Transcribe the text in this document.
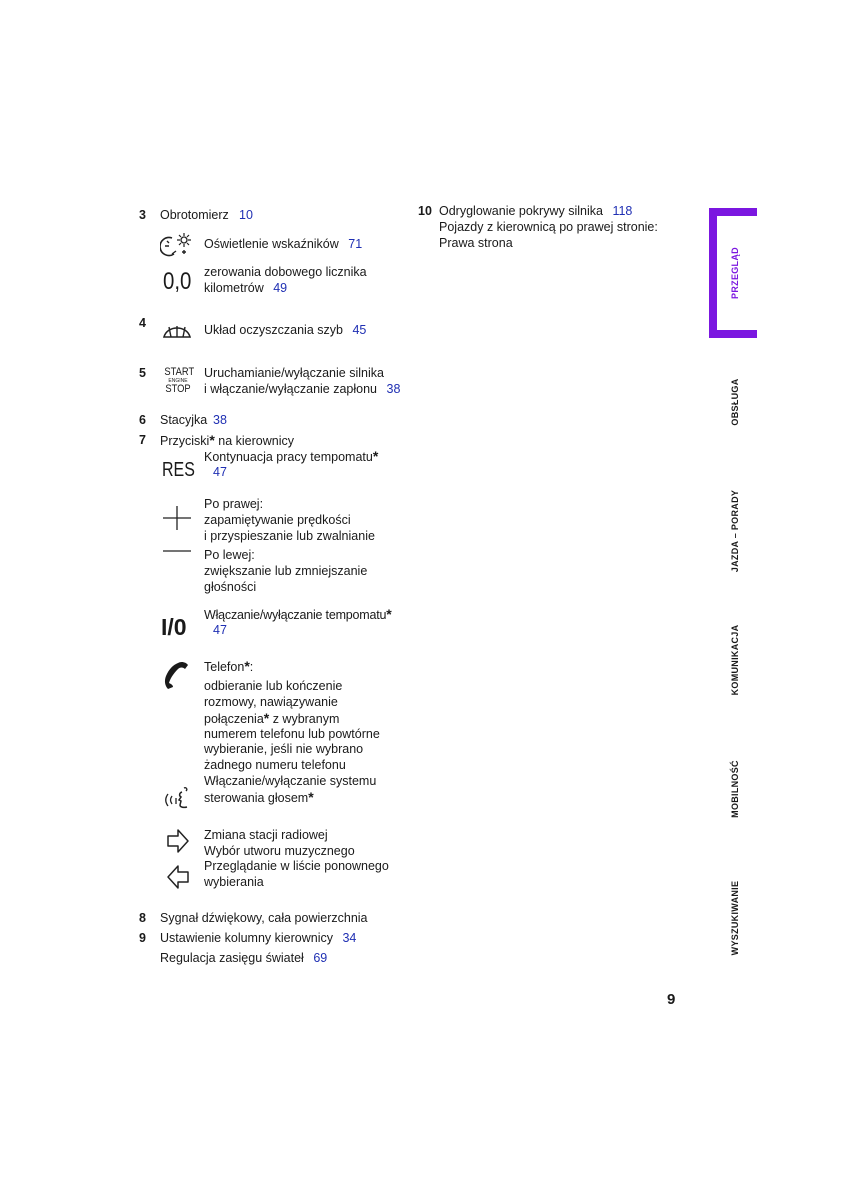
3 Obrotomierz 10
Oświetlenie wskaźników 71
0,0 zerowania dobowego licznika
kilometrów 49
4	Układ oczyszczania szyb 45
5 START
ENGINE
STOP
Uruchamianie/wyłączanie silnika
i włączanie/wyłączanie zapłonu 38
6 Stacyjka 38
7 Przyciski* na kierownicy
RES
Kontynuacja pracy tempomatu*
47
Po prawej:
zapamiętywanie prędkości
i przyspieszanie lub zwalnianie
Po lewej:
zwiększanie lub zmniejszanie
głośności
I/0 Włączanie/wyłączanie tempomatu*
47
Telefon*:
odbieranie lub kończenie
rozmowy, nawiązywanie
połączenia* z wybranym
numerem telefonu lub powtórne
wybieranie, jeśli nie wybrano
żadnego numeru telefonu
Włączanie/wyłączanie systemu
sterowania głosem*
Zmiana stacji radiowej
Wybór utworu muzycznego
Przeglądanie w liście ponownego
wybierania
8 Sygnał dźwiękowy, cała powierzchnia
9 Ustawienie kolumny kierownicy 34
Regulacja zasięgu świateł 69
10 Odryglowanie pokrywy silnika 118
Pojazdy z kierownicą po prawej stronie:
Prawa strona
PRZEGLĄD
OBSŁUGA
JAZDA – PORADY
KOMUNIKACJA
MOBILNOŚĆ
WYSZUKIWANIE
9
